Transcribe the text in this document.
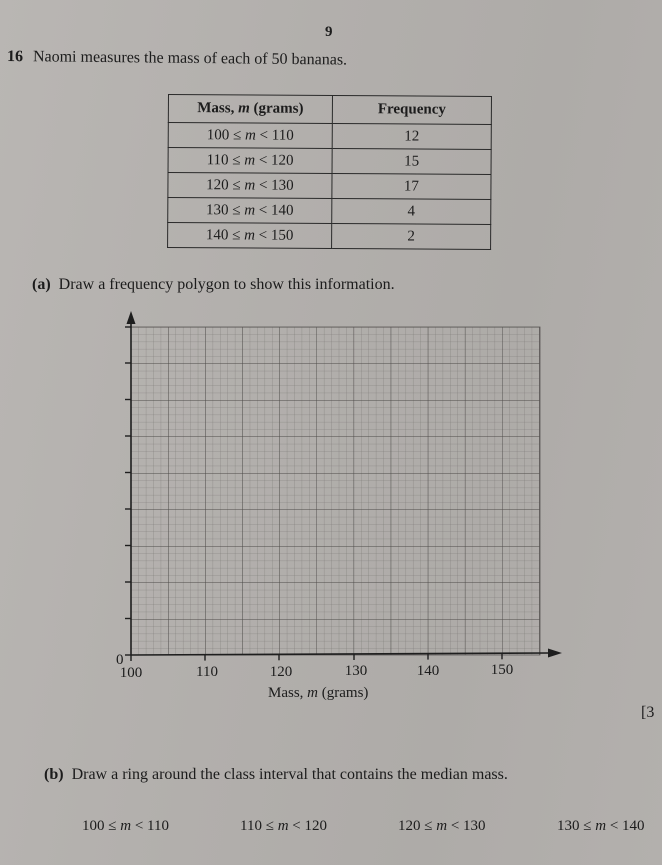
9
16 Naomi measures the mass of each of 50 bananas.
Mass, m (grams)	Frequency
100 ≤ m < 110	12
110 ≤ m < 120	15
120 ≤ m < 130	17
130 ≤ m < 140	4
140 ≤ m < 150	2
(a) Draw a frequency polygon to show this information.
0
100	110	120	130	140	150
Mass, m (grams)
[3
(b) Draw a ring around the class interval that contains the median mass.
100 ≤ m < 110	110 ≤ m < 120	120 ≤ m < 130	130 ≤ m < 140
